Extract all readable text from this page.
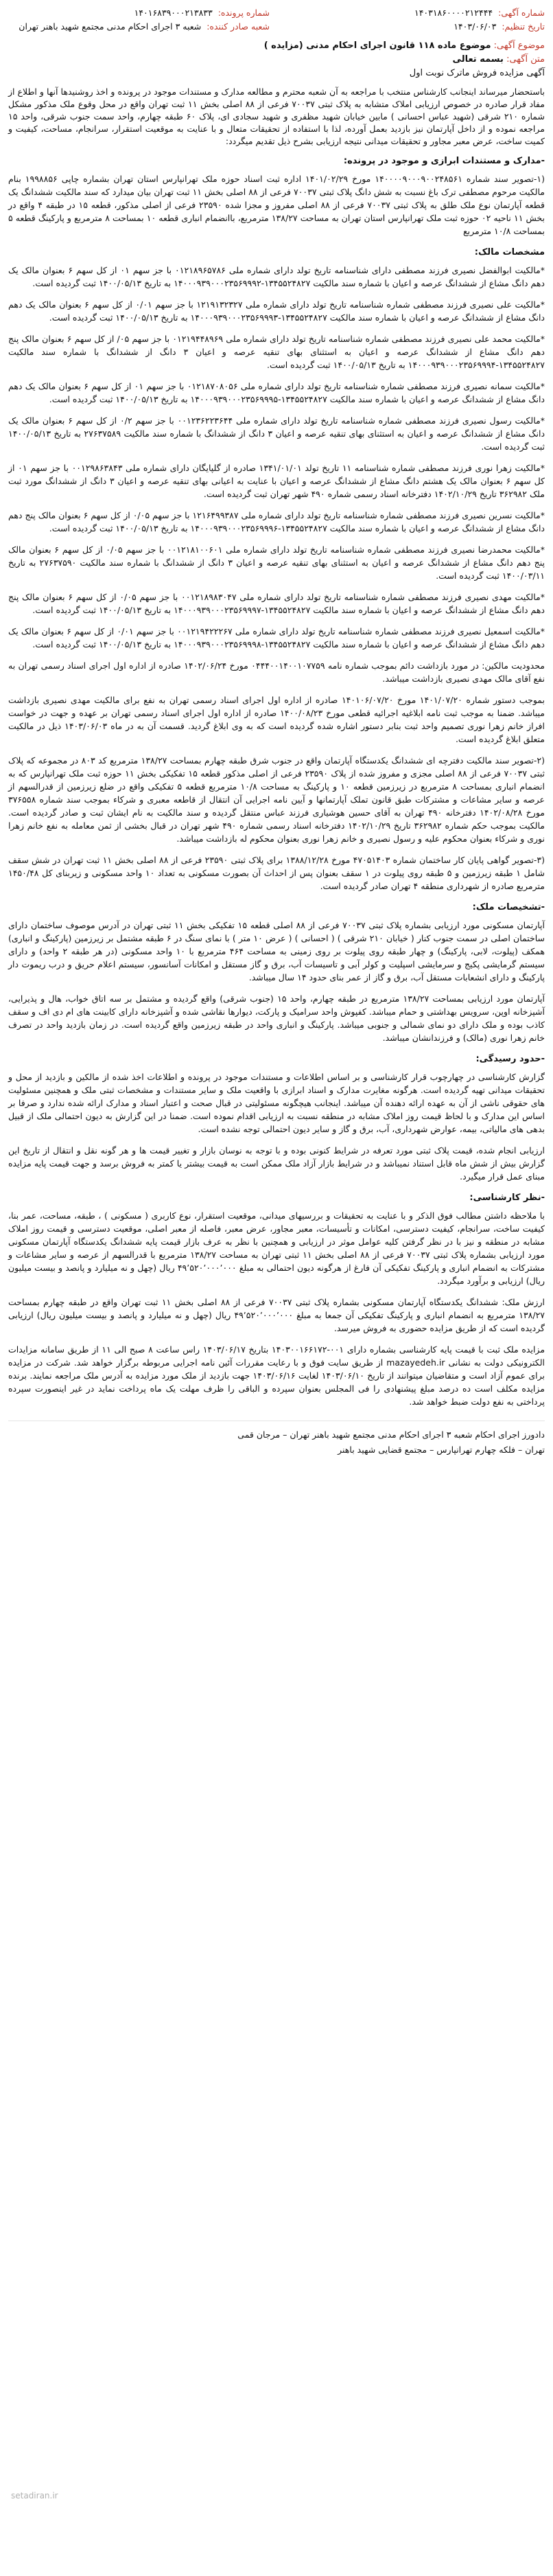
شماره آگهی: ۱۴۰۳۱۸۶۰۰۰۰۲۱۲۴۴۴
شماره پرونده: ۱۴۰۱۶۸۳۹۰۰۰۲۱۳۸۳۳
تاریخ تنظیم: ۱۴۰۳/۰۶/۰۳
شعبه صادر کننده: شعبه ۳ اجرای احکام مدنی مجتمع شهید باهنر تهران
موضوع آگهی: موضوع ماده ۱۱۸ قانون اجرای احکام مدنی (مزایده )
متن آگهی: بسمه تعالی
آگهی مزایده فروش ماترک نوبت اول

باستحضار میرساند اینجانب کارشناس منتخب با مراجعه به آن شعبه محترم و مطالعه مدارک و مستندات موجود در پرونده و اخذ روشنیدها آنها و اطلاع از مفاد قرار صادره در خصوص ارزیابی املاک متشابه به پلاک ثبتی ۷۰۰۳۷ فرعی از ۸۸ اصلی بخش ۱۱ ثبت تهران واقع در محل وقوع ملک مذکور مشکل شماره ۲۱۰ شرقی (شهید عباس احسانی ) مابین خیابان شهید مظفری و شهید سجادی ای، پلاک ۶۰ طبقه چهارم، واحد سمت جنوب شرقی، واحد ۱۵ مراجعه نموده و از داخل آپارتمان نیز بازدید بعمل آورده، لذا با استفاده از تحقیقات متعال و با عنایت به موقعیت استقرار، سرانجام، مساحت، کیفیت و کمیت ساخت، عرض معبر مجاور و تحقیقات میدانی نتیجه ارزیابی بشرح ذیل تقدیم میگردد:

-مدارک و مستندات ابرازی و موجود در پرونده:

(۱-تصویر سند شماره ۱۴۰۰۰۰۹۰۰۰۹۰۰۲۴۸۵۶۱ مورخ ۱۴۰۱/۰۲/۲۹ اداره ثبت اسناد حوزه ملک تهرانپارس استان تهران بشماره چاپی ۱۹۹۸۸۵۶ بنام مالکیت مرحوم مصطفی ترک باغ نسبت به شش دانگ پلاک ثبتی ۷۰۰۳۷ فرعی از ۸۸ اصلی بخش ۱۱ ثبت تهران بیان میدارد که سند مالکیت ششدانگ یک قطعه آپارتمان نوع ملک طلق به پلاک ثبتی ۷۰۰۳۷ فرعی از ۸۸ اصلی مفروز و مجزا شده ۲۳۵۹۰ فرعی از اصلی مذکور، قطعه ۱۵ در طبقه ۴ واقع در بخش ۱۱ ناحیه ۰۲ حوزه ثبت ملک تهرانپارس استان تهران به مساحت ۱۳۸/۲۷ مترمربع، باانضمام انباری قطعه ۱۰ بمساحت ۸ مترمربع و پارکینگ قطعه ۵ بمساحت ۱۰/۸ مترمربع

مشخصات مالک:

*مالکیت ابوالفضل نصیری فرزند مصطفی دارای شناسنامه تاریخ تولد دارای شماره ملی ۰۱۲۱۸۹۶۵۷۸۶ با جز سهم ۰۱ از کل سهم ۶ بعنوان مالک یک دهم دانگ مشاع از ششدانگ عرصه و اعیان با شماره سند مالکیت ۱۳۴۵۵۲۴۸۲۷-۱۴۰۰۰۹۳۹۰۰۰۲۳۵۶۹۹۹۲ به تاریخ ۱۴۰۰/۰۵/۱۳ ثبت گردیده است.

*مالکیت علی نصیری فرزند مصطفی شماره شناسنامه تاریخ تولد دارای شماره ملی ۱۲۱۹۱۳۲۳۲۷ با جز سهم ۰/۰۱ از کل سهم ۶ بعنوان مالک یک دهم دانگ مشاع از ششدانگ عرصه و اعیان با شماره سند مالکیت ۱۳۴۵۵۲۴۸۲۷-۱۴۰۰۰۹۳۹۰۰۰۲۳۵۶۹۹۹۳ به تاریخ ۱۴۰۰/۰۵/۱۳ ثبت گردیده است.

*مالکیت محمد علی نصیری فرزند مصطفی شماره شناسنامه تاریخ تولد دارای شماره ملی ۰۱۲۱۹۴۴۸۹۶۹ با جز سهم ۰۵/ از کل سهم ۶ بعنوان مالک پنج دهم دانگ مشاع از ششدانگ عرصه و اعیان به استثنای بهای تنقیه عرصه و اعیان ۳ دانگ از ششدانگ با شماره سند مالکیت ۱۳۴۵۵۲۴۸۲۷-۱۴۰۰۰۹۳۹۰۰۰۲۳۵۶۹۹۹۴ به تاریخ ۱۴۰۰/۰۵/۱۳ ثبت گردیده است.

*مالکیت سمانه نصیری فرزند مصطفی شماره شناسنامه تاریخ تولد دارای شماره ملی ۰۱۲۱۸۷۰۸۰۵۶ با جز سهم ۰۱ از کل سهم ۶ بعنوان مالک یک دهم دانگ مشاع از ششدانگ عرصه و اعیان با شماره سند مالکیت ۱۳۴۵۵۲۴۸۲۷-۱۴۰۰۰۹۳۹۰۰۰۲۳۵۶۹۹۹۵ به تاریخ ۱۴۰۰/۰۵/۱۳ ثبت گردیده است.

*مالکیت رسول نصیری فرزند مصطفی شماره شناسنامه تاریخ تولد دارای شماره ملی ۰۰۱۲۳۶۲۲۳۶۴۴ با جز سهم ۰/۲ از کل سهم ۶ بعنوان مالک یک دانگ مشاع از ششدانگ عرصه و اعیان به استثنای بهای تنقیه عرصه و اعیان ۳ دانگ از ششدانگ با شماره سند مالکیت ۲۷۶۳۷۵۸۹ به تاریخ ۱۴۰۰/۰۵/۱۳ ثبت گردیده است.

*مالکیت زهرا نوری فرزند مصطفی شماره شناسنامه ۱۱ تاریخ تولد ۱۳۴۱/۰۱/۰۱ صادره از گلپایگان دارای شماره ملی ۰۰۱۲۹۸۶۳۸۴۳ با جز سهم ۰۱ از کل سهم ۶ بعنوان مالک یک هشتم دانگ مشاع از ششدانگ عرصه و اعیان با عنایت به اعیانی بهای تنقیه عرصه و اعیان ۳ دانگ از ششدانگ مورد ثبت ملک ۳۶۲۹۸۲ تاریخ ۱۴۰۲/۱۰/۲۹ دفترخانه اسناد رسمی شماره ۴۹۰ شهر تهران ثبت گردیده است.

*مالکیت نسرین نصیری فرزند مصطفی شماره شناسنامه تاریخ تولد دارای شماره ملی ۱۲۱۶۴۹۹۳۸۷ با جز سهم ۰/۰۵ از کل سهم ۶ بعنوان مالک پنج دهم دانگ مشاع از ششدانگ عرصه و اعیان با شماره سند مالکیت ۱۳۴۵۵۲۴۸۲۷-۱۴۰۰۰۹۳۹۰۰۰۲۳۵۶۹۹۹۶ به تاریخ ۱۴۰۰/۰۵/۱۳ ثبت گردیده است.

*مالکیت محمدرضا نصیری فرزند مصطفی شماره شناسنامه تاریخ تولد دارای شماره ملی ۰۰۱۲۱۸۱۰۰۶۰۱ با جز سهم ۰/۰۵ از کل سهم ۶ بعنوان مالک پنج دهم دانگ مشاع از ششدانگ عرصه و اعیان به استثنای بهای تنقیه عرصه و اعیان ۳ دانگ از ششدانگ با شماره سند مالکیت ۲۷۶۳۷۵۹۰ به تاریخ ۱۴۰۰/۰۳/۱۱ ثبت گردیده است.

*مالکیت مهدی نصیری فرزند مصطفی شماره شناسنامه تاریخ تولد دارای شماره ملی ۰۰۱۲۱۸۹۸۳۰۴۷ با جز سهم ۰/۰۵ از کل سهم ۶ بعنوان مالک پنج دهم دانگ مشاع از ششدانگ عرصه و اعیان با شماره سند مالکیت ۱۳۴۵۵۲۴۸۲۷-۱۴۰۰۰۹۳۹۰۰۰۲۳۵۶۹۹۹۷ به تاریخ ۱۴۰۰/۰۵/۱۳ ثبت گردیده است.

*مالکیت اسمعیل نصیری فرزند مصطفی شماره شناسنامه تاریخ تولد دارای شماره ملی ۰۰۱۲۱۹۴۲۲۲۶۷ با جز سهم ۰/۰۱ از کل سهم ۶ بعنوان مالک یک دهم دانگ مشاع از ششدانگ عرصه و اعیان با شماره سند مالکیت ۱۳۴۵۵۲۴۸۲۷-۱۴۰۰۰۹۳۹۰۰۰۲۳۵۶۹۹۹۸ به تاریخ ۱۴۰۰/۰۵/۱۳ ثبت گردیده است.

محدودیت مالکین: در مورد بازداشت دائم بموجب شماره نامه ۰۴۴۴۰۰۱۴۰۰۱۰۷۷۵۹ مورخ ۱۴۰۲/۰۶/۲۴ صادره از اداره اول اجرای اسناد رسمی تهران به نفع آقای مالک مهدی نصیری بازداشت میباشد.

بموجب دستور شماره ۱۴۰۱/۰۷/۲۰ مورخ ۱۴۰۱۰۶/۰۷/۲۰ صادره از اداره اول اجرای اسناد رسمی تهران به نفع برای مالکیت مهدی نصیری بازداشت میباشد. ضمنا به موجب ثبت نامه ابلاغیه اجرائیه قطعی مورخ ۱۴۰۰/۰۸/۲۳ صادره از اداره اول اجرای اسناد رسمی تهران بر عهده و جهت در خواست افراز خانم زهرا نوری تصمیم واحد ثبت بنابر دستور اشاره شده گردیده است که به وی ابلاغ گردید. قسمت آن به در ماه ۱۴۰۳/۰۶/۰۳ ذیل در مالکیت متعلق ابلاغ گردیده است.

(۲-تصویر سند مالکیت دفترچه ای ششدانگ یکدستگاه آپارتمان واقع در جنوب شرق طبقه چهارم بمساحت ۱۳۸/۲۷ مترمربع کد ۸۰۳ در مجموعه که پلاک ثبتی ۷۰۰۳۷ فرعی از ۸۸ اصلی مجزی و مفروز شده از پلاک ۲۳۵۹۰ فرعی از اصلی مذکور قطعه ۱۵ تفکیکی بخش ۱۱ حوزه ثبت ملک تهرانپارس که به انضمام انبارى بمساحت ۸ مترمربع در زیرزمین قطعه ۱۰ و پارکینگ به مساحت ۱۰/۸ مترمربع قطعه ۵ تفکیکی واقع در ضلع زیرزمین از قدرالسهم از عرصه و سایر مشاعات و مشترکات طبق قانون تملک آپارتمانها و آیین نامه اجرایی آن انتقال از قاطعه معبری و شرکاء بموجب سند شماره ۳۷۶۵۵۸ مورخ ۱۴۰۲/۰۸/۲۸ دفترخانه ۴۹۰ تهران به آقای حسین هوشیاری فرزند عباس منتقل گردیده و سند مالکیت به نام ایشان ثبت و صادر گردیده است. مالکیت بموجب حکم شماره ۳۶۲۹۸۲ تاریخ ۱۴۰۲/۱۰/۲۹ دفترخانه اسناد رسمی شماره ۴۹۰ شهر تهران در قبال بخشی از ثمن معامله به نفع خانم زهرا نوری و شرکاء بعنوان محکوم علیه و رسول نصیری و خانم زهرا نوری بعنوان محکوم له بازداشت میباشد.

(۳-تصویر گواهی پایان کار ساختمان شماره ۴۷۰۵۱۴۰۳ مورخ ۱۳۸۸/۱۲/۲۸ برای پلاک ثبتی ۲۳۵۹۰ فرعی از ۸۸ اصلی بخش ۱۱ ثبت تهران در شش سقف شامل ۱ طبقه زیرزمین و ۵ طبقه روی پیلوت در ۱ سقف بعنوان پس از احداث آن بصورت مسکونی به تعداد ۱۰ واحد مسکونی و زیربنای کل ۱۴۵۰/۴۸ مترمربع صادره از شهرداری منطقه ۴ تهران صادر گردیده است.

-تشخیصات ملک:

آپارتمان مسکونی مورد ارزیابی بشماره پلاک ثبتی ۷۰۰۳۷ فرعی از ۸۸ اصلی قطعه ۱۵ تفکیکی بخش ۱۱ ثبتی تهران در آدرس موصوف ساختمان دارای ساختمان اصلی در سمت جنوب کنار ( خیابان ۲۱۰ شرقی ) ( احسانی ) ( عرض ۱۰ متر ) با نمای سنگ در ۶ طبقه مشتمل بر زیرزمین (پارکینگ و انباری) همکف (پیلوت، لابی، پارکینگ) و چهار طبقه روی پیلوت بر روی زمینی به مساحت ۴۶۴ مترمربع با ۱۰ واحد مسکونی (در هر طبقه ۲ واحد) و دارای سیستم گرمایشی پکیج و سرمایشی اسپلیت و کولر آبی و تاسیسات آب، برق و گاز مستقل و امکانات آسانسور، سیستم اعلام حریق و درب ریموت دار پارکینگ و دارای انشعابات مستقل آب، برق و گاز از عمر بنای حدود ۱۴ سال میباشد.

آپارتمان مورد ارزیابی بمساحت ۱۳۸/۲۷ مترمربع در طبقه چهارم، واحد ۱۵ (جنوب شرقی) واقع گردیده و مشتمل بر سه اتاق خواب، هال و پذیرایی، آشپزخانه اوپن، سرویس بهداشتی و حمام میباشد. کفپوش واحد سرامیک و پارکت، دیوارها نقاشی شده و آشپزخانه دارای کابینت های ام دی اف و سقف کاذب بوده و ملک دارای دو نمای شمالی و جنوبی میباشد. پارکینگ و انباری واحد در طبقه زیرزمین واقع گردیده است. در زمان بازدید واحد در تصرف خانم زهرا نوری (مالک) و فرزندانشان میباشد.

-حدود رسیدگی:

گزارش کارشناسی در چهارچوب قرار کارشناسی و بر اساس اطلاعات و مستندات موجود در پرونده و اطلاعات اخذ شده از مالکین و بازدید از محل و تحقیقات میدانی تهیه گردیده است. هرگونه مغایرت مدارک و اسناد ابرازی با واقعیت ملک و سایر مستندات و مشخصات ثبتی ملک و همچنین مسئولیت های حقوقی ناشی از آن به عهده ارائه دهنده آن میباشد. اینجانب هیچگونه مسئولیتی در قبال صحت و اعتبار اسناد و مدارک ارائه شده ندارد و صرفا بر اساس این مدارک و با لحاظ قیمت روز املاک مشابه در منطقه نسبت به ارزیابی اقدام نموده است. ضمنا در این گزارش به دیون احتمالی ملک از قبیل بدهی های مالیاتی، بیمه، عوارض شهرداری، آب، برق و گاز و سایر دیون احتمالی توجه نشده است.

ارزیابی انجام شده، قیمت پلاک ثبتی مورد تعرفه در شرایط کنونی بوده و با توجه به نوسان بازار و تغییر قیمت ها و هر گونه نقل و انتقال از تاریخ این گزارش بیش از شش ماه قابل استناد نمیباشد و در شرایط بازار آزاد ملک ممکن است به قیمت بیشتر یا کمتر به فروش برسد و جهت قیمت پایه مزایده مبنای عمل قرار میگیرد.

-نظر کارشناسی:

با ملاحظه داشتن مطالب فوق الذکر و با عنایت به تحقیقات و بررسیهای میدانی، موقعیت استقرار، نوع کاربری ( مسکونی ) ، طبقه، مساحت، عمر بنا، کیفیت ساخت، سرانجام، کیفیت دسترسی، امکانات و تأسیسات، معبر مجاور، عرض معبر، فاصله از معبر اصلی، موقعیت دسترسی و قیمت روز املاک مشابه در منطقه و نیز با در نظر گرفتن کلیه عوامل موثر در ارزیابی و همچنین با نظر به عرف بازار قیمت پایه ششدانگ یکدستگاه آپارتمان مسکونی مورد ارزیابی بشماره پلاک ثبتی ۷۰۰۳۷ فرعی از ۸۸ اصلی بخش ۱۱ ثبتی تهران به مساحت ۱۳۸/۲۷ مترمربع با قدرالسهم از عرصه و سایر مشاعات و مشترکات به انضمام انباری و پارکینگ تفکیکی آن فارغ از هرگونه دیون احتمالی به مبلغ ۴۹٬۵۲۰٬۰۰۰٬۰۰۰ ریال (چهل و نه میلیارد و پانصد و بیست میلیون ریال) ارزیابی و برآورد میگردد.

ارزش ملک: ششدانگ یکدستگاه آپارتمان مسکونی بشماره پلاک ثبتی ۷۰۰۳۷ فرعی از ۸۸ اصلی بخش ۱۱ ثبت تهران واقع در طبقه چهارم بمساحت ۱۳۸/۲۷ مترمربع به انضمام انباری و پارکینگ تفکیکی آن جمعا به مبلغ ۴۹٬۵۲۰٬۰۰۰٬۰۰۰ ریال (چهل و نه میلیارد و پانصد و بیست میلیون ریال) ارزیابی گردیده است که از طریق مزایده حضوری به فروش میرسد.

مزایده ملک ثبت با قیمت پایه کارشناسی بشماره دارای ۰۰۱-۱۴۰۳۰۰۱۶۶۱۷۲ بتاریخ ۱۴۰۳/۰۶/۱۷ راس ساعت ۸ صبح الی ۱۱ از طریق سامانه مزایدات الکترونیکی دولت به نشانی mazayedeh.ir از طریق سایت فوق و با رعایت مقررات آئین نامه اجرایی مربوطه برگزار خواهد شد. شرکت در مزایده برای عموم آزاد است و متقاضیان میتوانند از تاریخ ۱۴۰۳/۰۶/۱۰ لغایت ۱۴۰۳/۰۶/۱۶ جهت بازدید از ملک مورد مزایده به آدرس ملک مراجعه نمایند. برنده مزایده مکلف است ده درصد مبلغ پیشنهادی را فی المجلس بعنوان سپرده و الباقی را ظرف مهلت یک ماه پرداخت نماید در غیر اینصورت سپرده پرداختی به نفع دولت ضبط خواهد شد.

دادورز اجرای احکام شعبه ۳ اجرای احکام مدنی مجتمع شهید باهنر تهران – مرجان قمی
تهران – فلکه چهارم تهرانپارس – مجتمع قضایی شهید باهنر
setadiran.ir
